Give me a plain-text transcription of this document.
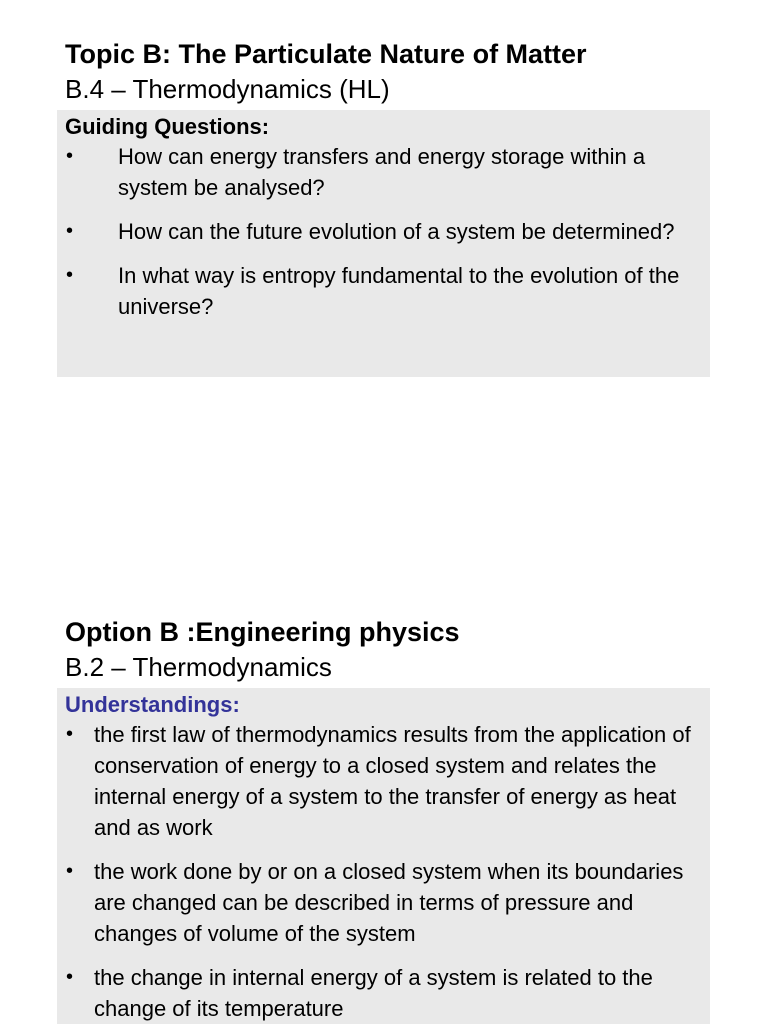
Topic B: The Particulate Nature of Matter
B.4 – Thermodynamics (HL)
Guiding Questions:
• How can energy transfers and energy storage within a system be analysed?
• How can the future evolution of a system be determined?
• In what way is entropy fundamental to the evolution of the universe?
Option B :Engineering physics
B.2 – Thermodynamics
Understandings:
• the first law of thermodynamics results from the application of conservation of energy to a closed system and relates the internal energy of a system to the transfer of energy as heat and as work
• the work done by or on a closed system when its boundaries are changed can be described in terms of pressure and changes of volume of the system
• the change in internal energy of a system is related to the change of its temperature
